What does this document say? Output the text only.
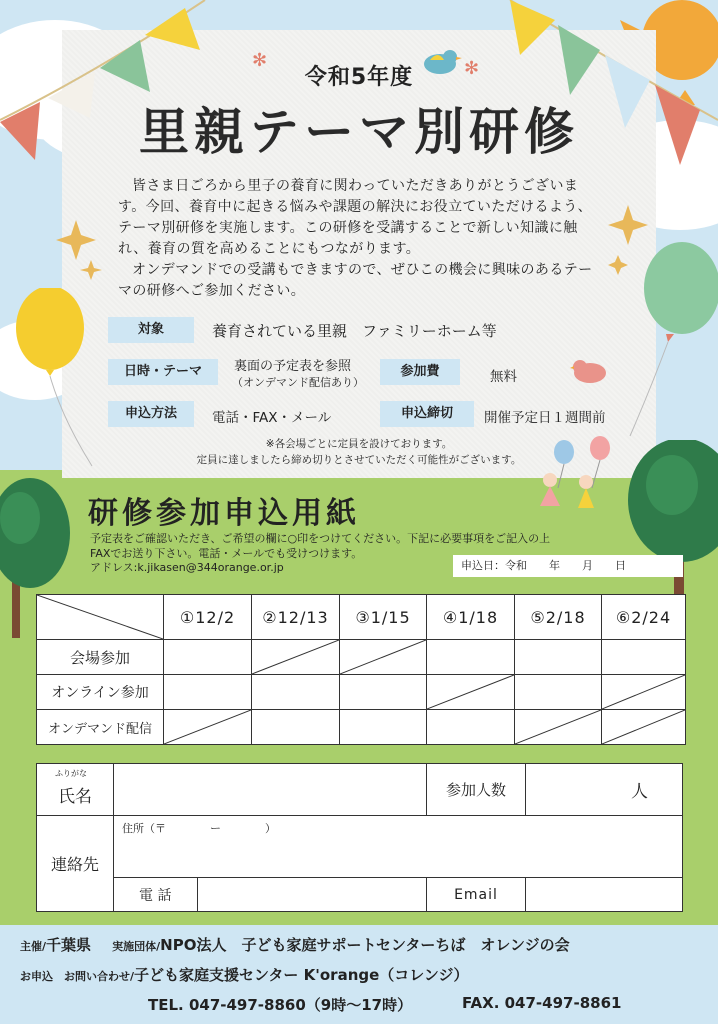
✻	✻
令和5年度
里親テーマ別研修

皆さま日ごろから里子の養育に関わっていただきありがとうございます。今回、養育中に起きる悩みや課題の解決にお役立ていただけるよう、テーマ別研修を実施します。この研修を受講することで新しい知識に触れ、養育の質を高めることにもつながります。

オンデマンドでの受講もできますので、ぜひこの機会に興味のあるテーマの研修へご参加ください。

対象	養育されている里親　ファミリーホーム等
日時・テーマ	裏面の予定表を参照
（オンデマンド配信あり）
参加費	無料
申込方法	電話・FAX・メール	申込締切	開催予定日１週間前
※各会場ごとに定員を設けております。
定員に達しましたら締め切りとさせていただく可能性がございます。
研修参加申込用紙
予定表をご確認いただき、ご希望の欄に○印をつけてください。下記に必要事項をご記入の上
FAXでお送り下さい。電話・メールでも受けつけます。
アドレス:k.jikasen@344orange.or.jp	申込日：令和　　年　　月　　日
	①12/2	②12/13	③1/15	④1/18	⑤2/18	⑥2/24
会場参加		

オンライン参加				

オンデマンド配信	

ふりがな
氏名			参加人数	人
連絡先	住所（〒　　　　ー　　　　）			
	電 話		Email	
主催/千葉県 実施団体/NPO法人　子ども家庭サポートセンターちば　オレンジの会
お申込　お問い合わせ/子ども家庭支援センター K'orange（コレンジ）
TEL. 047-497-8860（9時～17時）	FAX. 047-497-8861
